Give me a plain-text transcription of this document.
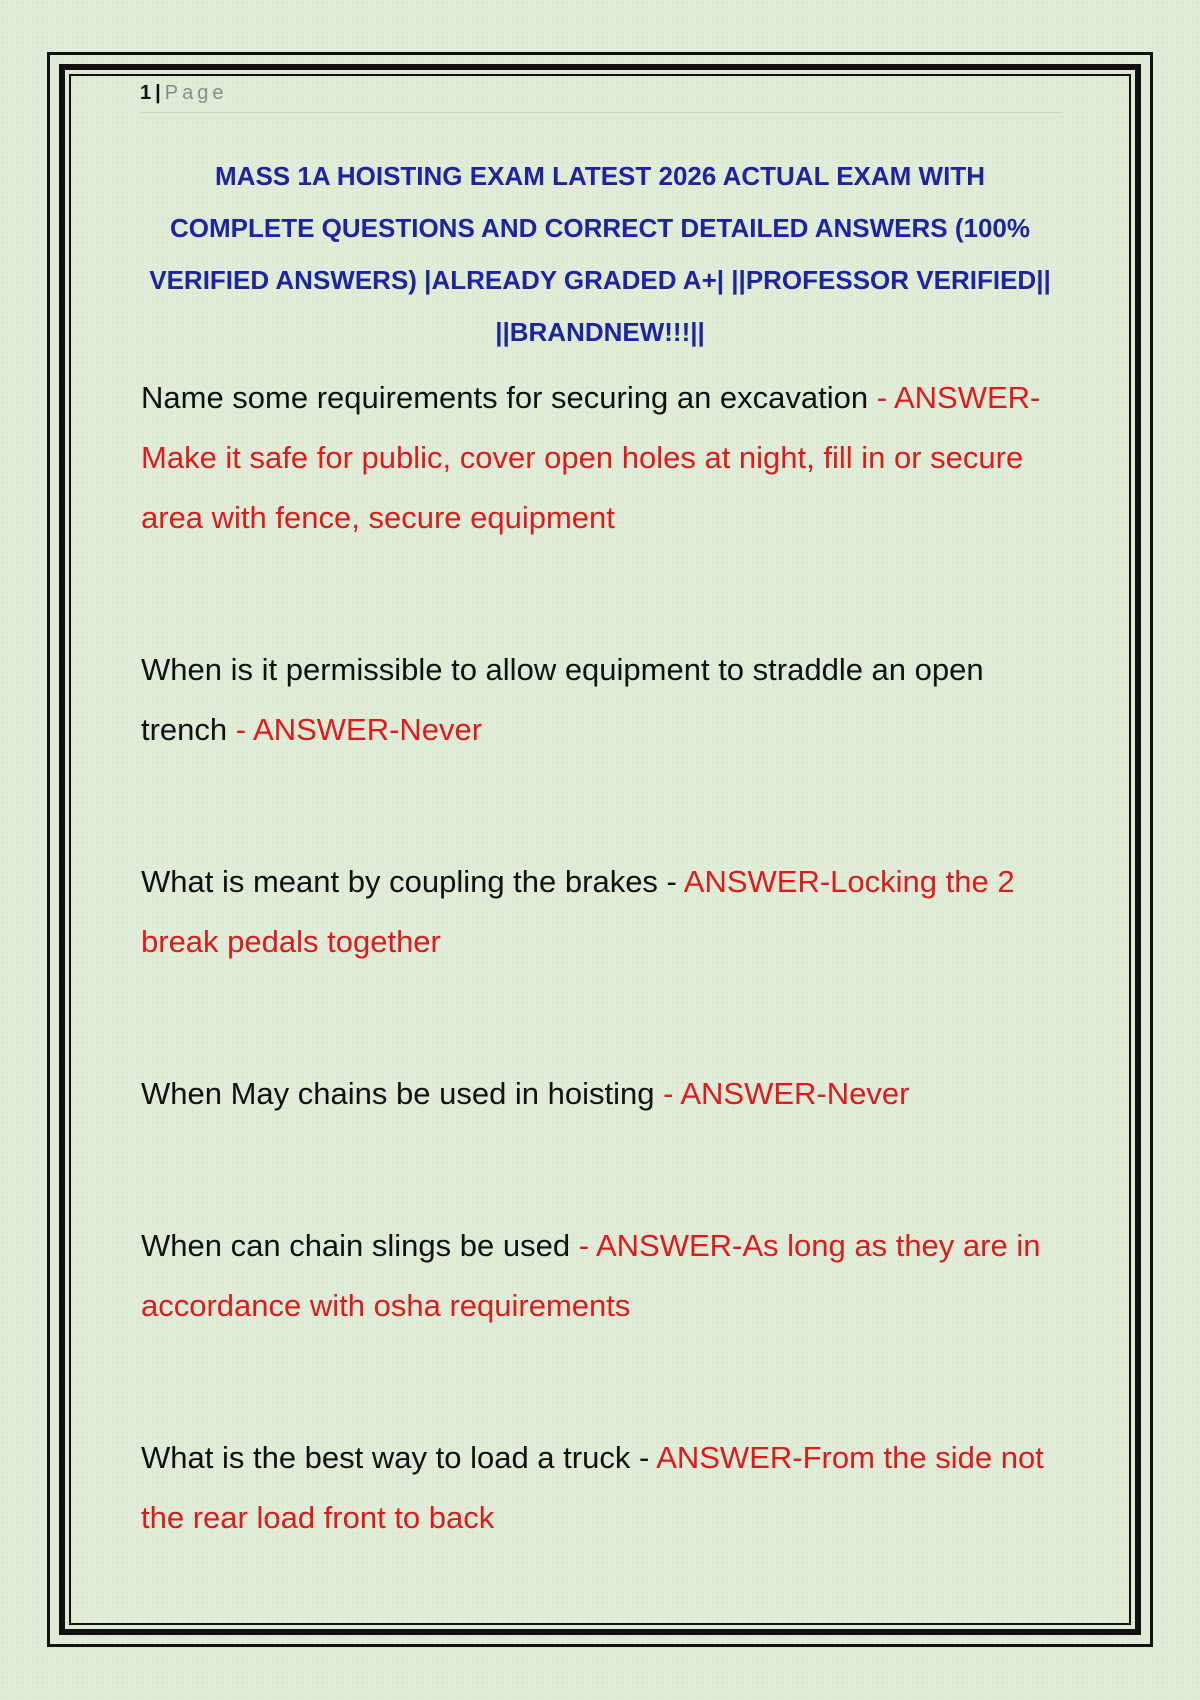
1 | Page
MASS 1A HOISTING EXAM LATEST 2026 ACTUAL EXAM WITH COMPLETE QUESTIONS AND CORRECT DETAILED ANSWERS (100% VERIFIED ANSWERS) |ALREADY GRADED A+| ||PROFESSOR VERIFIED|| ||BRANDNEW!!!||

Name some requirements for securing an excavation - ANSWER-Make it safe for public, cover open holes at night, fill in or secure area with fence, secure equipment

When is it permissible to allow equipment to straddle an open trench - ANSWER-Never

What is meant by coupling the brakes - ANSWER-Locking the 2 break pedals together

When May chains be used in hoisting - ANSWER-Never

When can chain slings be used - ANSWER-As long as they are in accordance with osha requirements

What is the best way to load a truck - ANSWER-From the side not the rear load front to back
